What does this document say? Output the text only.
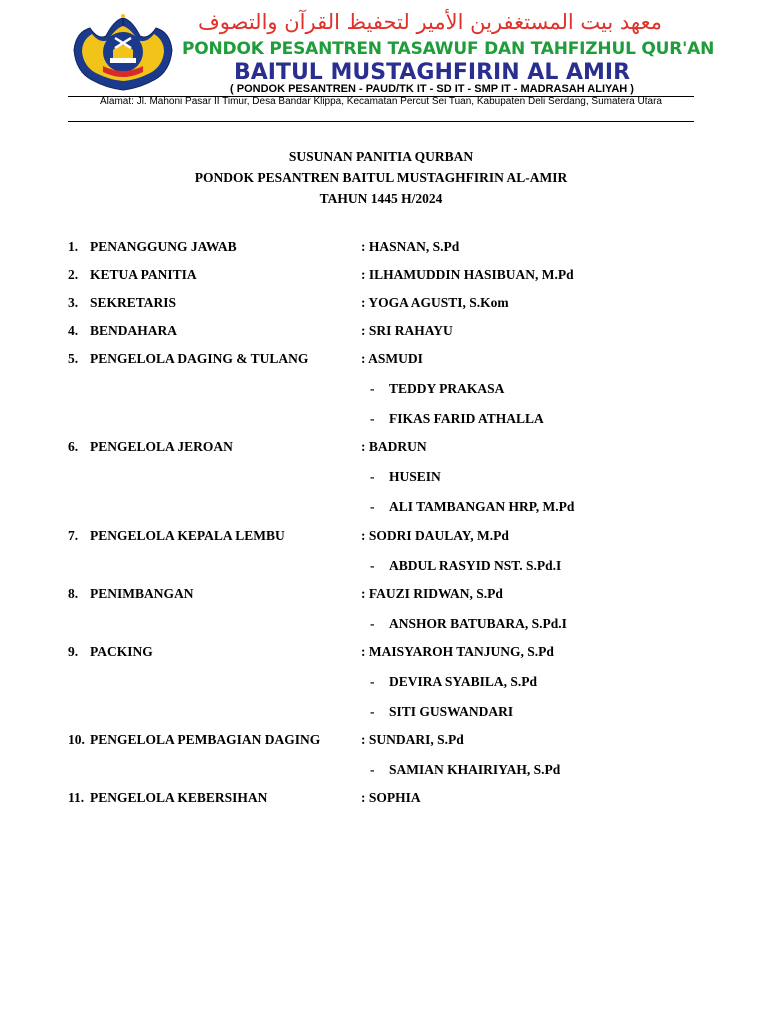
معهد بيت المستغفرين الأمير لتحفيظ القرآن والتصوف
PONDOK PESANTREN TASAWUF DAN TAHFIZHUL QUR'AN
BAITUL MUSTAGHFIRIN AL AMIR
( PONDOK PESANTREN - PAUD/TK IT - SD IT - SMP IT - MADRASAH ALIYAH )
Alamat: Jl. Mahoni Pasar II Timur, Desa Bandar Klippa, Kecamatan Percut Sei Tuan, Kabupaten Deli Serdang, Sumatera Utara
SUSUNAN PANITIA QURBAN
PONDOK PESANTREN BAITUL MUSTAGHFIRIN AL-AMIR
TAHUN 1445 H/2024
1. PENANGGUNG JAWAB	: HASNAN, S.Pd
2. KETUA PANITIA	: ILHAMUDDIN HASIBUAN, M.Pd
3. SEKRETARIS	: YOGA AGUSTI, S.Kom
4. BENDAHARA	: SRI RAHAYU
5. PENGELOLA DAGING & TULANG	: ASMUDI
- TEDDY PRAKASA
- FIKAS FARID ATHALLA
6. PENGELOLA JEROAN	: BADRUN
- HUSEIN
- ALI TAMBANGAN HRP, M.Pd
7. PENGELOLA KEPALA LEMBU	: SODRI DAULAY, M.Pd
- ABDUL RASYID NST. S.Pd.I
8. PENIMBANGAN	: FAUZI RIDWAN, S.Pd
- ANSHOR BATUBARA, S.Pd.I
9. PACKING	: MAISYAROH TANJUNG, S.Pd
- DEVIRA SYABILA, S.Pd
- SITI GUSWANDARI
10. PENGELOLA PEMBAGIAN DAGING	: SUNDARI, S.Pd
- SAMIAN KHAIRIYAH, S.Pd
11. PENGELOLA KEBERSIHAN	: SOPHIA
